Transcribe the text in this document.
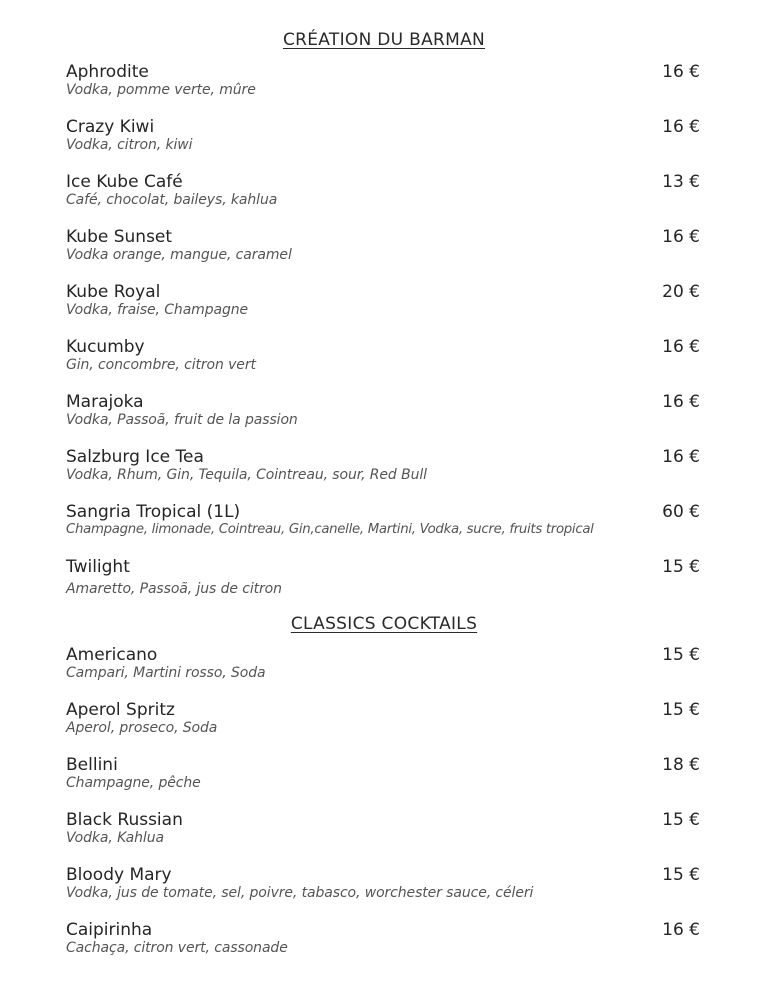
CRÉATION DU BARMAN
Aphrodite	16 €
Vodka, pomme verte, mûre
Crazy Kiwi	16 €
Vodka, citron, kiwi
Ice Kube Café	13 €
Café, chocolat, baileys, kahlua
Kube Sunset	16 €
Vodka orange, mangue, caramel
Kube Royal	20 €
Vodka, fraise, Champagne
Kucumby	16 €
Gin, concombre, citron vert
Marajoka	16 €
Vodka, Passoã, fruit de la passion
Salzburg Ice Tea	16 €
Vodka, Rhum, Gin, Tequila, Cointreau, sour, Red Bull
Sangria Tropical (1L)	60 €
Champagne, limonade, Cointreau, Gin,canelle, Martini, Vodka, sucre, fruits tropical
Twilight	15 €
Amaretto, Passoã, jus de citron
CLASSICS COCKTAILS
Americano	15 €
Campari, Martini rosso, Soda
Aperol Spritz	15 €
Aperol, proseco, Soda
Bellini	18 €
Champagne, pêche
Black Russian	15 €
Vodka, Kahlua
Bloody Mary	15 €
Vodka, jus de tomate, sel, poivre, tabasco, worchester sauce, céleri
Caipirinha	16 €
Cachaça, citron vert, cassonade
